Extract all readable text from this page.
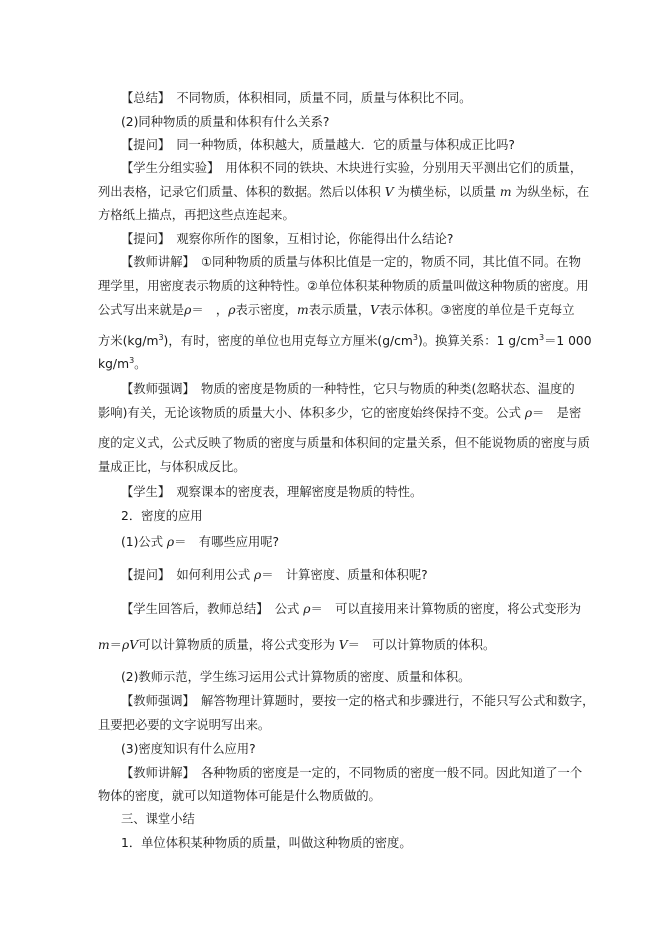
【总结】　不同物质，体积相同，质量不同，质量与体积比不同。
(2)同种物质的质量和体积有什么关系?
【提问】　同一种物质，体积越大，质量越大．它的质量与体积成正比吗?
【学生分组实验】　用体积不同的铁块、木块进行实验，分别用天平测出它们的质量，
列出表格，记录它们质量、体积的数据。然后以体积 V 为横坐标，以质量 m 为纵坐标，在
方格纸上描点，再把这些点连起来。
【提问】　观察你所作的图象，互相讨论，你能得出什么结论?
【教师讲解】　①同种物质的质量与体积比值是一定的，物质不同，其比值不同。在物
理学里，用密度表示物质的这种特性。②单位体积某种物质的质量叫做这种物质的密度。用
公式写出来就是ρ＝　，ρ表示密度，m表示质量，V表示体积。③密度的单位是千克每立
方米$(kg/m^3)$，有时，密度的单位也用克每立方厘米$(g/cm^3)$。换算关系：1 $g/cm^3=1$ 000
$kg/m^3$。
【教师强调】　物质的密度是物质的一种特性，它只与物质的种类(忽略状态、温度的
影响)有关，无论该物质的质量大小、体积多少，它的密度始终保持不变。公式 ρ＝　是密
度的定义式，公式反映了物质的密度与质量和体积间的定量关系，但不能说物质的密度与质
量成正比，与体积成反比。
【学生】　观察课本的密度表，理解密度是物质的特性。
2．密度的应用
(1)公式 ρ＝　有哪些应用呢?
【提问】　如何利用公式 ρ＝　计算密度、质量和体积呢?
【学生回答后，教师总结】　公式 ρ＝　可以直接用来计算物质的密度，将公式变形为
m＝ρV可以计算物质的质量，将公式变形为 V＝　可以计算物质的体积。
(2)教师示范，学生练习运用公式计算物质的密度、质量和体积。
【教师强调】　解答物理计算题时，要按一定的格式和步骤进行，不能只写公式和数字，
且要把必要的文字说明写出来。
(3)密度知识有什么应用?
【教师讲解】　各种物质的密度是一定的，不同物质的密度一般不同。因此知道了一个
物体的密度，就可以知道物体可能是什么物质做的。
三、课堂小结
1．单位体积某种物质的质量，叫做这种物质的密度。
